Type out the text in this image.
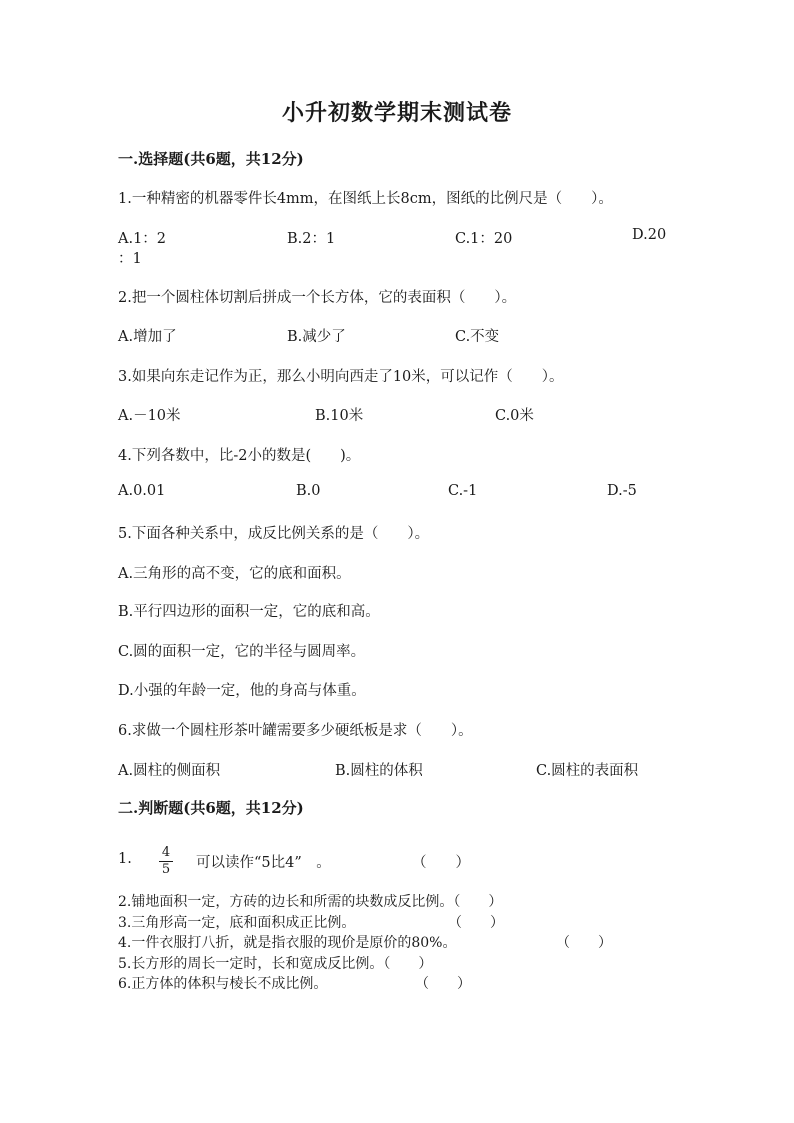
小升初数学期末测试卷
一.选择题(共6题，共12分)
1.一种精密的机器零件长4mm，在图纸上长8cm，图纸的比例尺是（　　）。
A.1：2	B.2：1	C.1：20	D.20
：1
2.把一个圆柱体切割后拼成一个长方体，它的表面积（　　）。
A.增加了	B.减少了	C.不变
3.如果向东走记作为正，那么小明向西走了10米，可以记作（　　）。
A.－10米	B.10米	C.0米
4.下列各数中，比-2小的数是(　　)。
A.0.01	B.0	C.-1	D.-5
5.下面各种关系中，成反比例关系的是（　　）。
A.三角形的高不变，它的底和面积。
B.平行四边形的面积一定，它的底和高。
C.圆的面积一定，它的半径与圆周率。
D.小强的年龄一定，他的身高与体重。
6.求做一个圆柱形茶叶罐需要多少硬纸板是求（　　）。
A.圆柱的侧面积	B.圆柱的体积	C.圆柱的表面积
二.判断题(共6题，共12分)
1. $\frac{4}{5}$ 可以读作“5比4”　。	（　　）
2.铺地面积一定，方砖的边长和所需的块数成反比例。（　　）
3.三角形高一定，底和面积成正比例。	（　　）
4.一件衣服打八折，就是指衣服的现价是原价的80%。	（　　）
5.长方形的周长一定时，长和宽成反比例。（　　）
6.正方体的体积与棱长不成比例。	（　　）
